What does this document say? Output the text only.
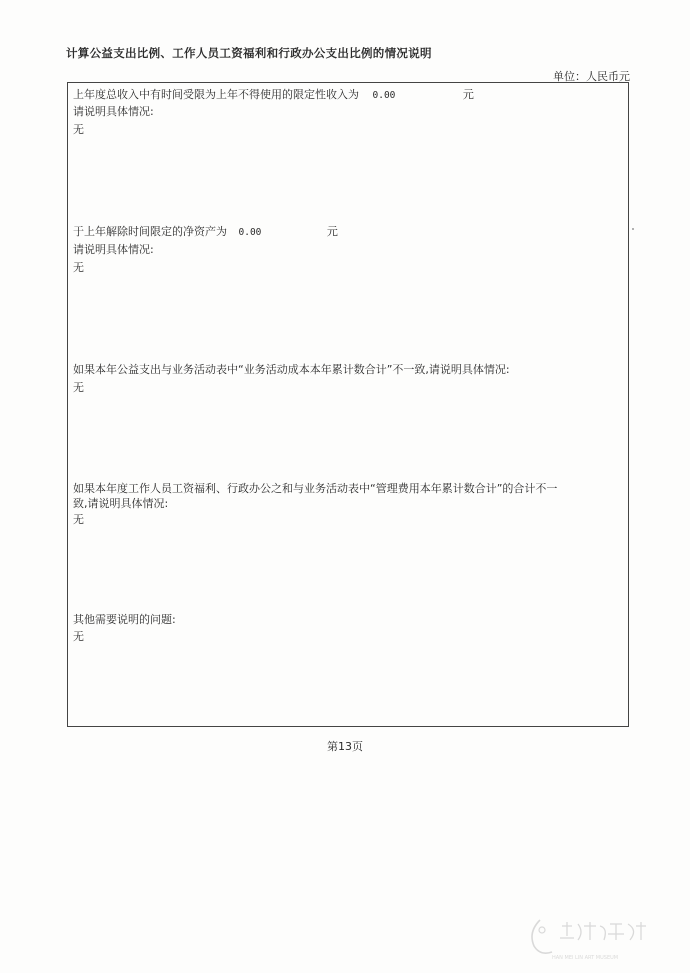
计算公益支出比例、工作人员工资福利和行政办公支出比例的情况说明
单位：人民币元
上年度总收入中有时间受限为上年不得使用的限定性收入为 0.00	元
请说明具体情况:
无
于上年解除时间限定的净资产为 0.00	元
请说明具体情况:
无
如果本年公益支出与业务活动表中“业务活动成本本年累计数合计”不一致,请说明具体情况:
无
如果本年度工作人员工资福利、行政办公之和与业务活动表中“管理费用本年累计数合计”的合计不一
致,请说明具体情况:
无
其他需要说明的问题:
无
第13页
HAN MEI LIN ART MUSEUM
